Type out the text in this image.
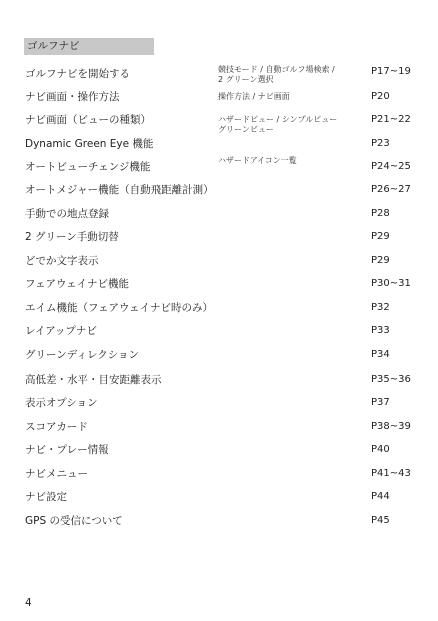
ゴルフナビ
ゴルフナビを開始する
ナビ画面・操作方法
ナビ画面（ビューの種類）
Dynamic Green Eye 機能
オートビューチェンジ機能
オートメジャー機能（自動飛距離計測）
手動での地点登録
2 グリーン手動切替
どでか文字表示
フェアウェイナビ機能
エイム機能（フェアウェイナビ時のみ）
レイアップナビ
グリーンディレクション
高低差・水平・目安距離表示
表示オプション
スコアカード
ナビ・プレー情報
ナビメニュー
ナビ設定
GPS の受信について
競技モード / 自動ゴルフ場検索 /
2 グリーン選択
操作方法 / ナビ画面
ハザードビュー / シンプルビュー
グリーンビュー
ハザードアイコン一覧
P17~19
P20
P21~22
P23
P24~25
P26~27
P28
P29
P29
P30~31
P32
P33
P34
P35~36
P37
P38~39
P40
P41~43
P44
P45
4
